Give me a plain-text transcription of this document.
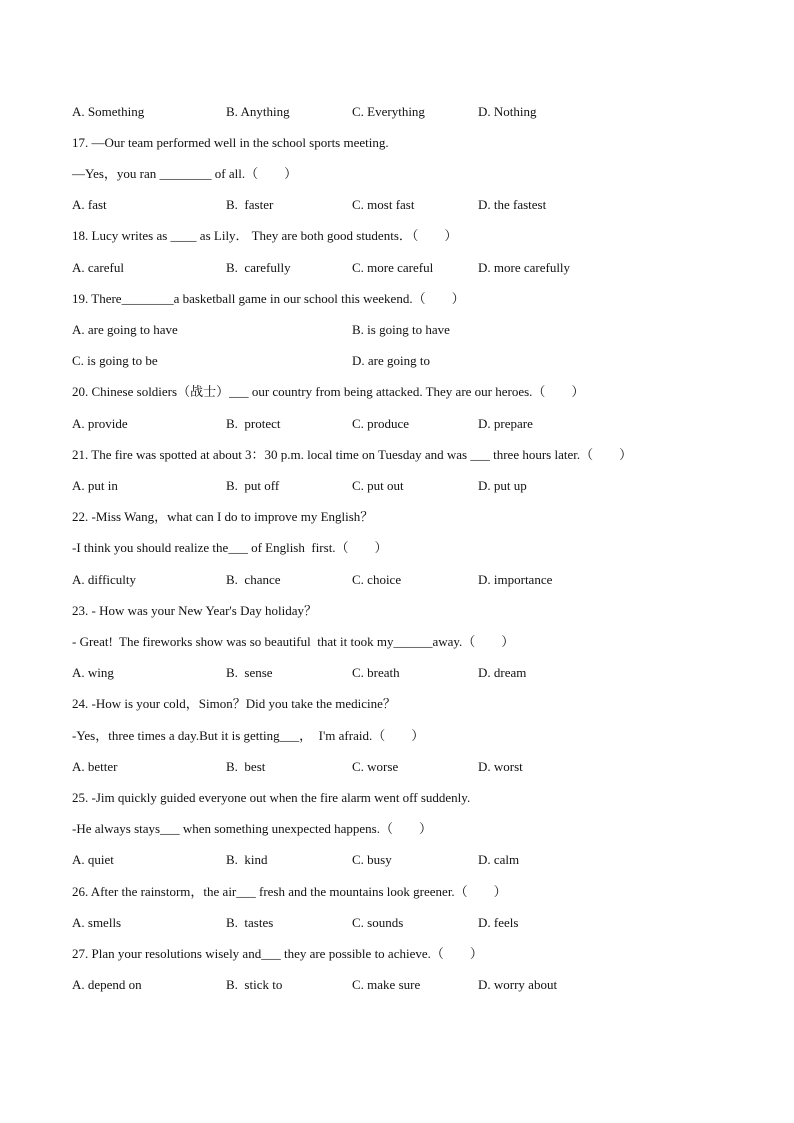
A. Something	B. Anything	C. Everything	D. Nothing
17. —Our team performed well in the school sports meeting.
—Yes，you ran ________ of all.（        ）
A. fast	B.  faster	C. most fast	D. the fastest
18. Lucy writes as ____ as Lily． They are both good students．（        ）
A. careful	B.  carefully	C. more careful	D. more carefully
19. There________a basketball game in our school this weekend.（        ）
A. are going to have	B. is going to have
C. is going to be	D. are going to
20. Chinese soldiers（战士）___ our country from being attacked. They are our heroes.（        ）
A. provide	B.  protect	C. produce	D. prepare
21. The fire was spotted at about 3：30 p.m. local time on Tuesday and was ___ three hours later.（        ）
A. put in	B.  put off	C. put out	D. put up
22. -Miss Wang，what can I do to improve my English？
-I think you should realize the___ of English  first.（        ）
A. difficulty	B.  chance	C. choice	D. importance
23. - How was your New Year's Day holiday？
- Great!  The fireworks show was so beautiful  that it took my______away.（        ）
A. wing	B.  sense	C. breath	D. dream
24. -How is your cold，Simon？Did you take the medicine？
-Yes，three times a day.But it is getting___，  I'm afraid.（        ）
A. better	B.  best	C. worse	D. worst
25. -Jim quickly guided everyone out when the fire alarm went off suddenly.
-He always stays___ when something unexpected happens.（        ）
A. quiet	B.  kind	C. busy	D. calm
26. After the rainstorm，the air___ fresh and the mountains look greener.（        ）
A. smells	B.  tastes	C. sounds	D. feels
27. Plan your resolutions wisely and___ they are possible to achieve.（        ）
A. depend on	B.  stick to	C. make sure	D. worry about
